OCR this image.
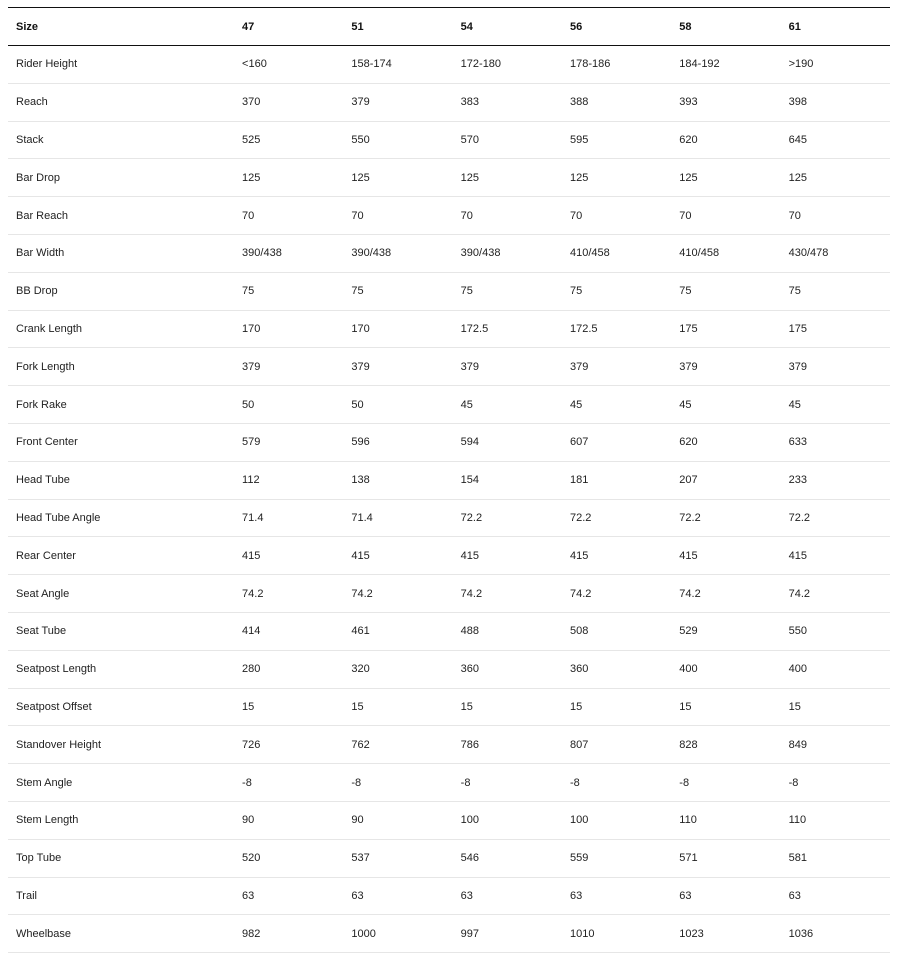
Size	47	51	54	56	58	61
Rider Height	<160	158-174	172-180	178-186	184-192	>190
Reach	370	379	383	388	393	398
Stack	525	550	570	595	620	645
Bar Drop	125	125	125	125	125	125
Bar Reach	70	70	70	70	70	70
Bar Width	390/438	390/438	390/438	410/458	410/458	430/478
BB Drop	75	75	75	75	75	75
Crank Length	170	170	172.5	172.5	175	175
Fork Length	379	379	379	379	379	379
Fork Rake	50	50	45	45	45	45
Front Center	579	596	594	607	620	633
Head Tube	112	138	154	181	207	233
Head Tube Angle	71.4	71.4	72.2	72.2	72.2	72.2
Rear Center	415	415	415	415	415	415
Seat Angle	74.2	74.2	74.2	74.2	74.2	74.2
Seat Tube	414	461	488	508	529	550
Seatpost Length	280	320	360	360	400	400
Seatpost Offset	15	15	15	15	15	15
Standover Height	726	762	786	807	828	849
Stem Angle	-8	-8	-8	-8	-8	-8
Stem Length	90	90	100	100	110	110
Top Tube	520	537	546	559	571	581
Trail	63	63	63	63	63	63
Wheelbase	982	1000	997	1010	1023	1036
